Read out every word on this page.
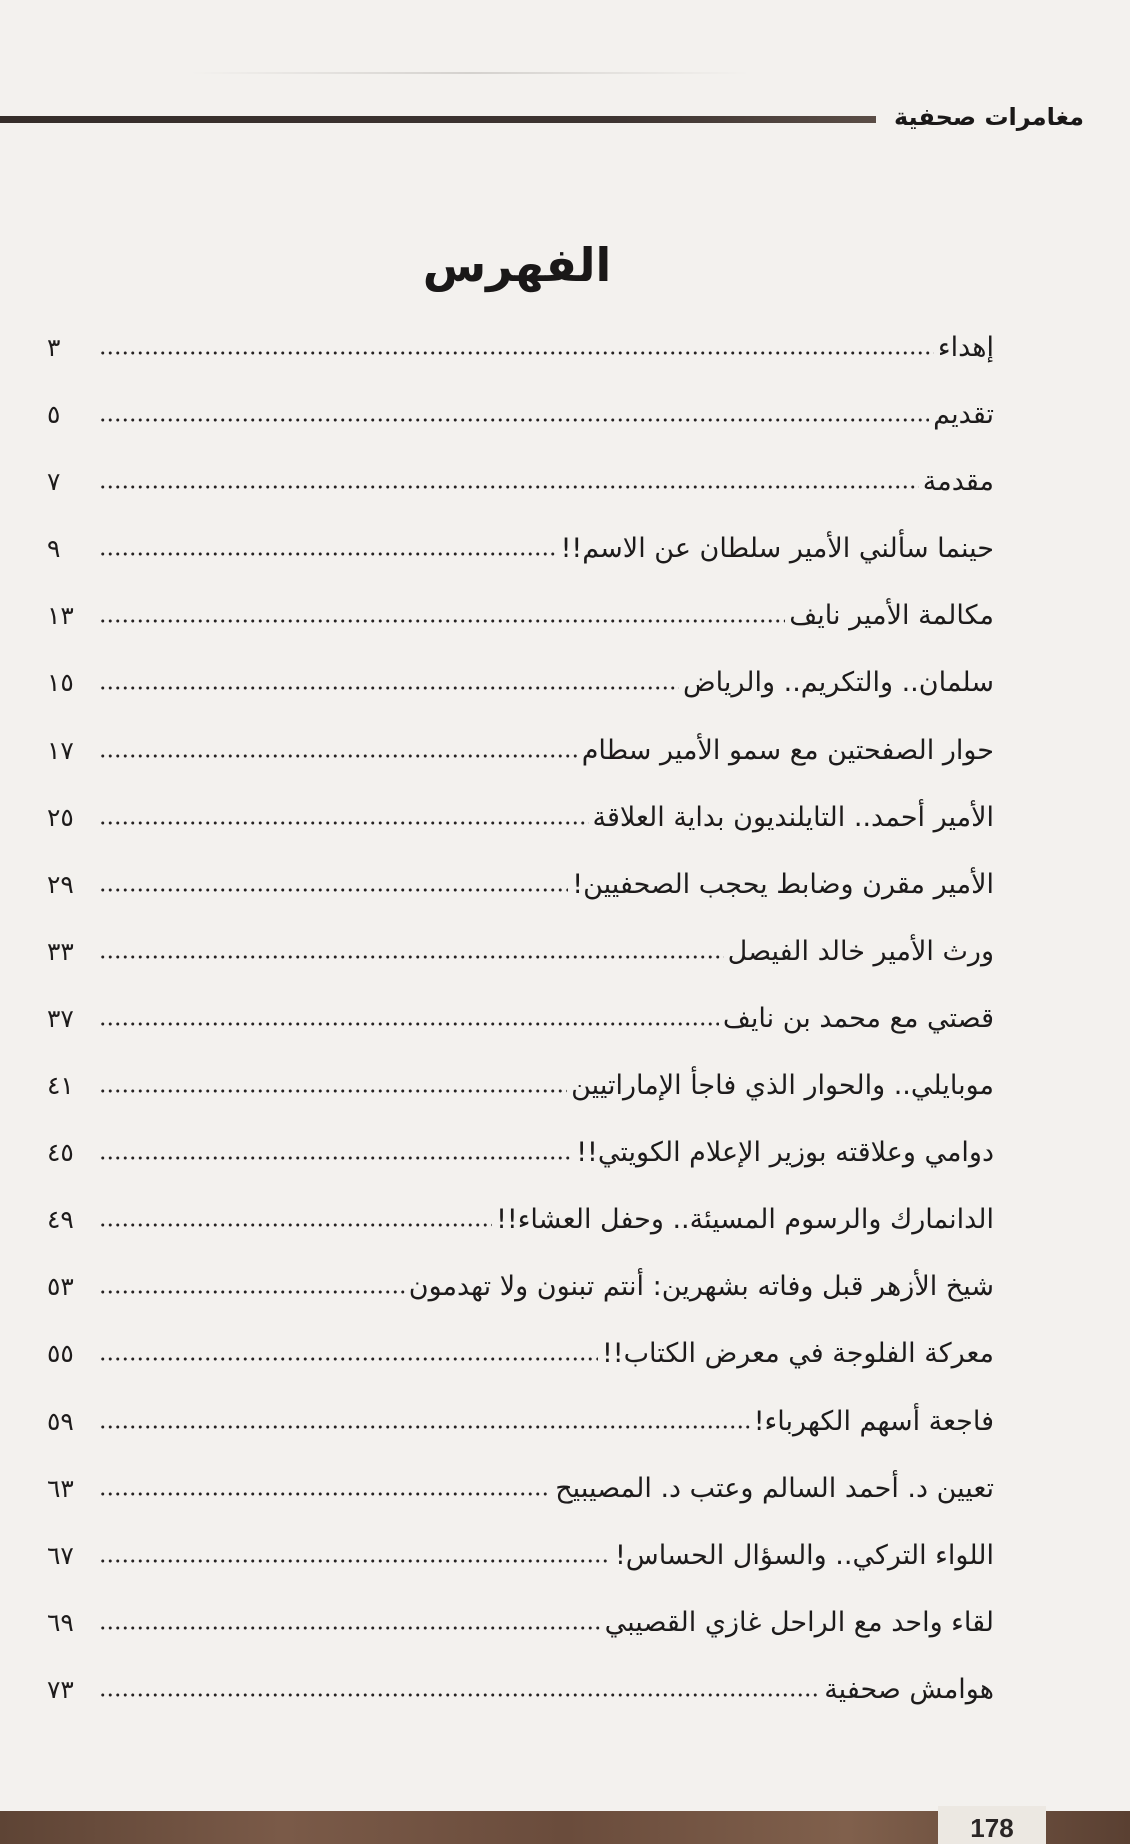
مغامرات صحفية
الفهرس
إهداء
٣
تقديم
٥
مقدمة
٧
حينما سألني الأمير سلطان عن الاسم!!
٩
مكالمة الأمير نايف
١٣
سلمان.. والتكريم.. والرياض
١٥
حوار الصفحتين مع سمو الأمير سطام
١٧
الأمير أحمد.. التايلنديون بداية العلاقة
٢٥
الأمير مقرن وضابط يحجب الصحفيين!
٢٩
ورث الأمير خالد الفيصل
٣٣
قصتي مع محمد بن نايف
٣٧
موبايلي.. والحوار الذي فاجأ الإماراتيين
٤١
دوامي وعلاقته بوزير الإعلام الكويتي!!
٤٥
الدانمارك والرسوم المسيئة.. وحفل العشاء!!
٤٩
شيخ الأزهر قبل وفاته بشهرين: أنتم تبنون ولا تهدمون
٥٣
معركة الفلوجة في معرض الكتاب!!
٥٥
فاجعة أسهم الكهرباء!
٥٩
تعيين د. أحمد السالم وعتب د. المصيبيح
٦٣
اللواء التركي.. والسؤال الحساس!
٦٧
لقاء واحد مع الراحل غازي القصيبي
٦٩
هوامش صحفية
٧٣
178
